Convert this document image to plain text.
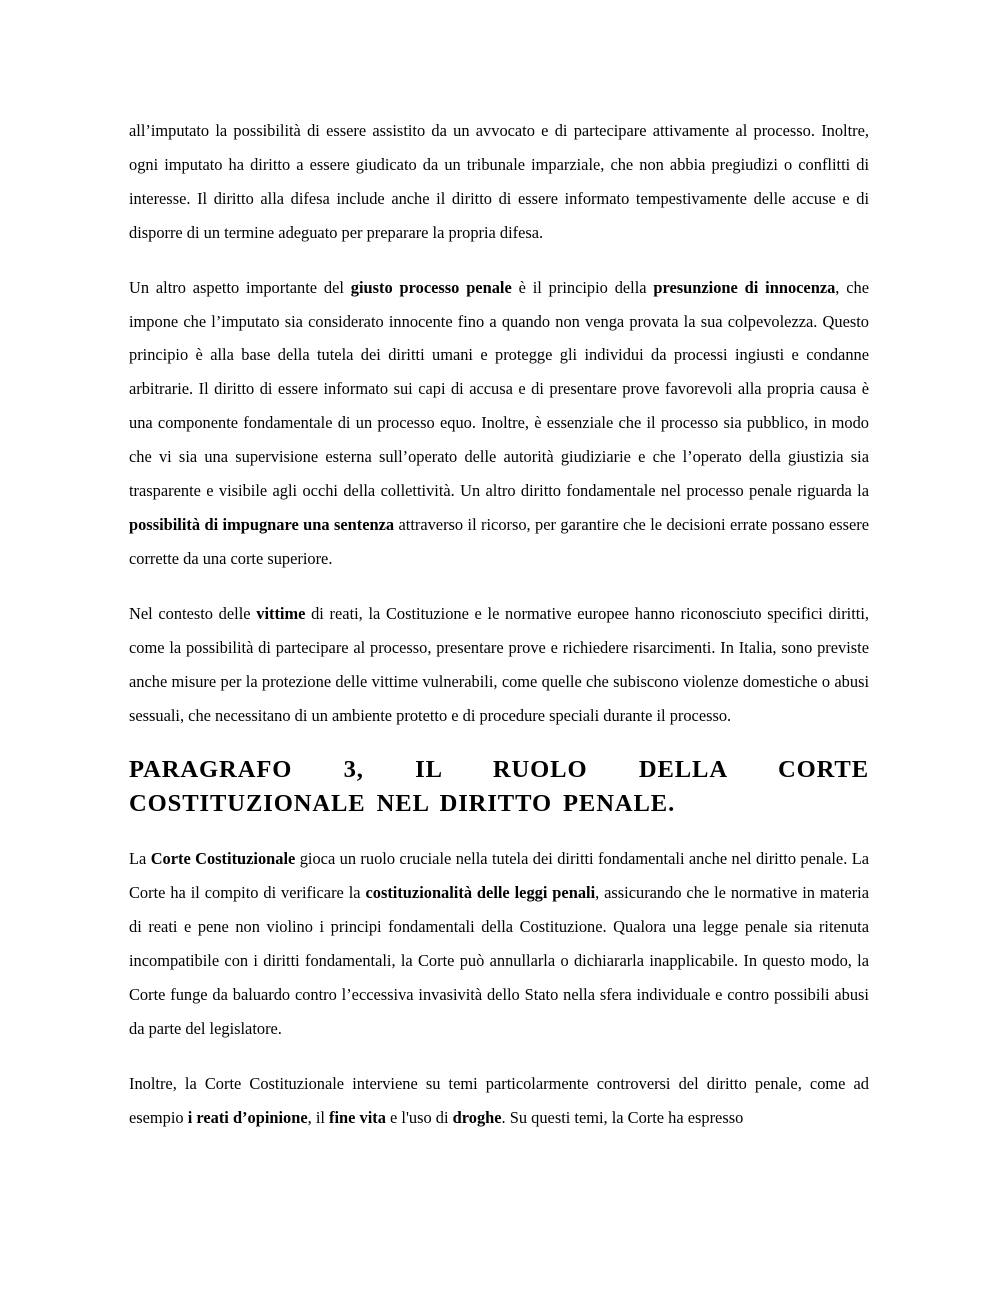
all’imputato la possibilità di essere assistito da un avvocato e di partecipare attivamente al processo. Inoltre, ogni imputato ha diritto a essere giudicato da un tribunale imparziale, che non abbia pregiudizi o conflitti di interesse. Il diritto alla difesa include anche il diritto di essere informato tempestivamente delle accuse e di disporre di un termine adeguato per preparare la propria difesa.

Un altro aspetto importante del giusto processo penale è il principio della presunzione di innocenza, che impone che l’imputato sia considerato innocente fino a quando non venga provata la sua colpevolezza. Questo principio è alla base della tutela dei diritti umani e protegge gli individui da processi ingiusti e condanne arbitrarie. Il diritto di essere informato sui capi di accusa e di presentare prove favorevoli alla propria causa è una componente fondamentale di un processo equo. Inoltre, è essenziale che il processo sia pubblico, in modo che vi sia una supervisione esterna sull’operato delle autorità giudiziarie e che l’operato della giustizia sia trasparente e visibile agli occhi della collettività. Un altro diritto fondamentale nel processo penale riguarda la possibilità di impugnare una sentenza attraverso il ricorso, per garantire che le decisioni errate possano essere corrette da una corte superiore.

Nel contesto delle vittime di reati, la Costituzione e le normative europee hanno riconosciuto specifici diritti, come la possibilità di partecipare al processo, presentare prove e richiedere risarcimenti. In Italia, sono previste anche misure per la protezione delle vittime vulnerabili, come quelle che subiscono violenze domestiche o abusi sessuali, che necessitano di un ambiente protetto e di procedure speciali durante il processo.

PARAGRAFO 3, IL RUOLO DELLA CORTE COSTITUZIONALE NEL DIRITTO PENALE.

La Corte Costituzionale gioca un ruolo cruciale nella tutela dei diritti fondamentali anche nel diritto penale. La Corte ha il compito di verificare la costituzionalità delle leggi penali, assicurando che le normative in materia di reati e pene non violino i principi fondamentali della Costituzione. Qualora una legge penale sia ritenuta incompatibile con i diritti fondamentali, la Corte può annullarla o dichiararla inapplicabile. In questo modo, la Corte funge da baluardo contro l’eccessiva invasività dello Stato nella sfera individuale e contro possibili abusi da parte del legislatore.

Inoltre, la Corte Costituzionale interviene su temi particolarmente controversi del diritto penale, come ad esempio i reati d’opinione, il fine vita e l'uso di droghe. Su questi temi, la Corte ha espresso
